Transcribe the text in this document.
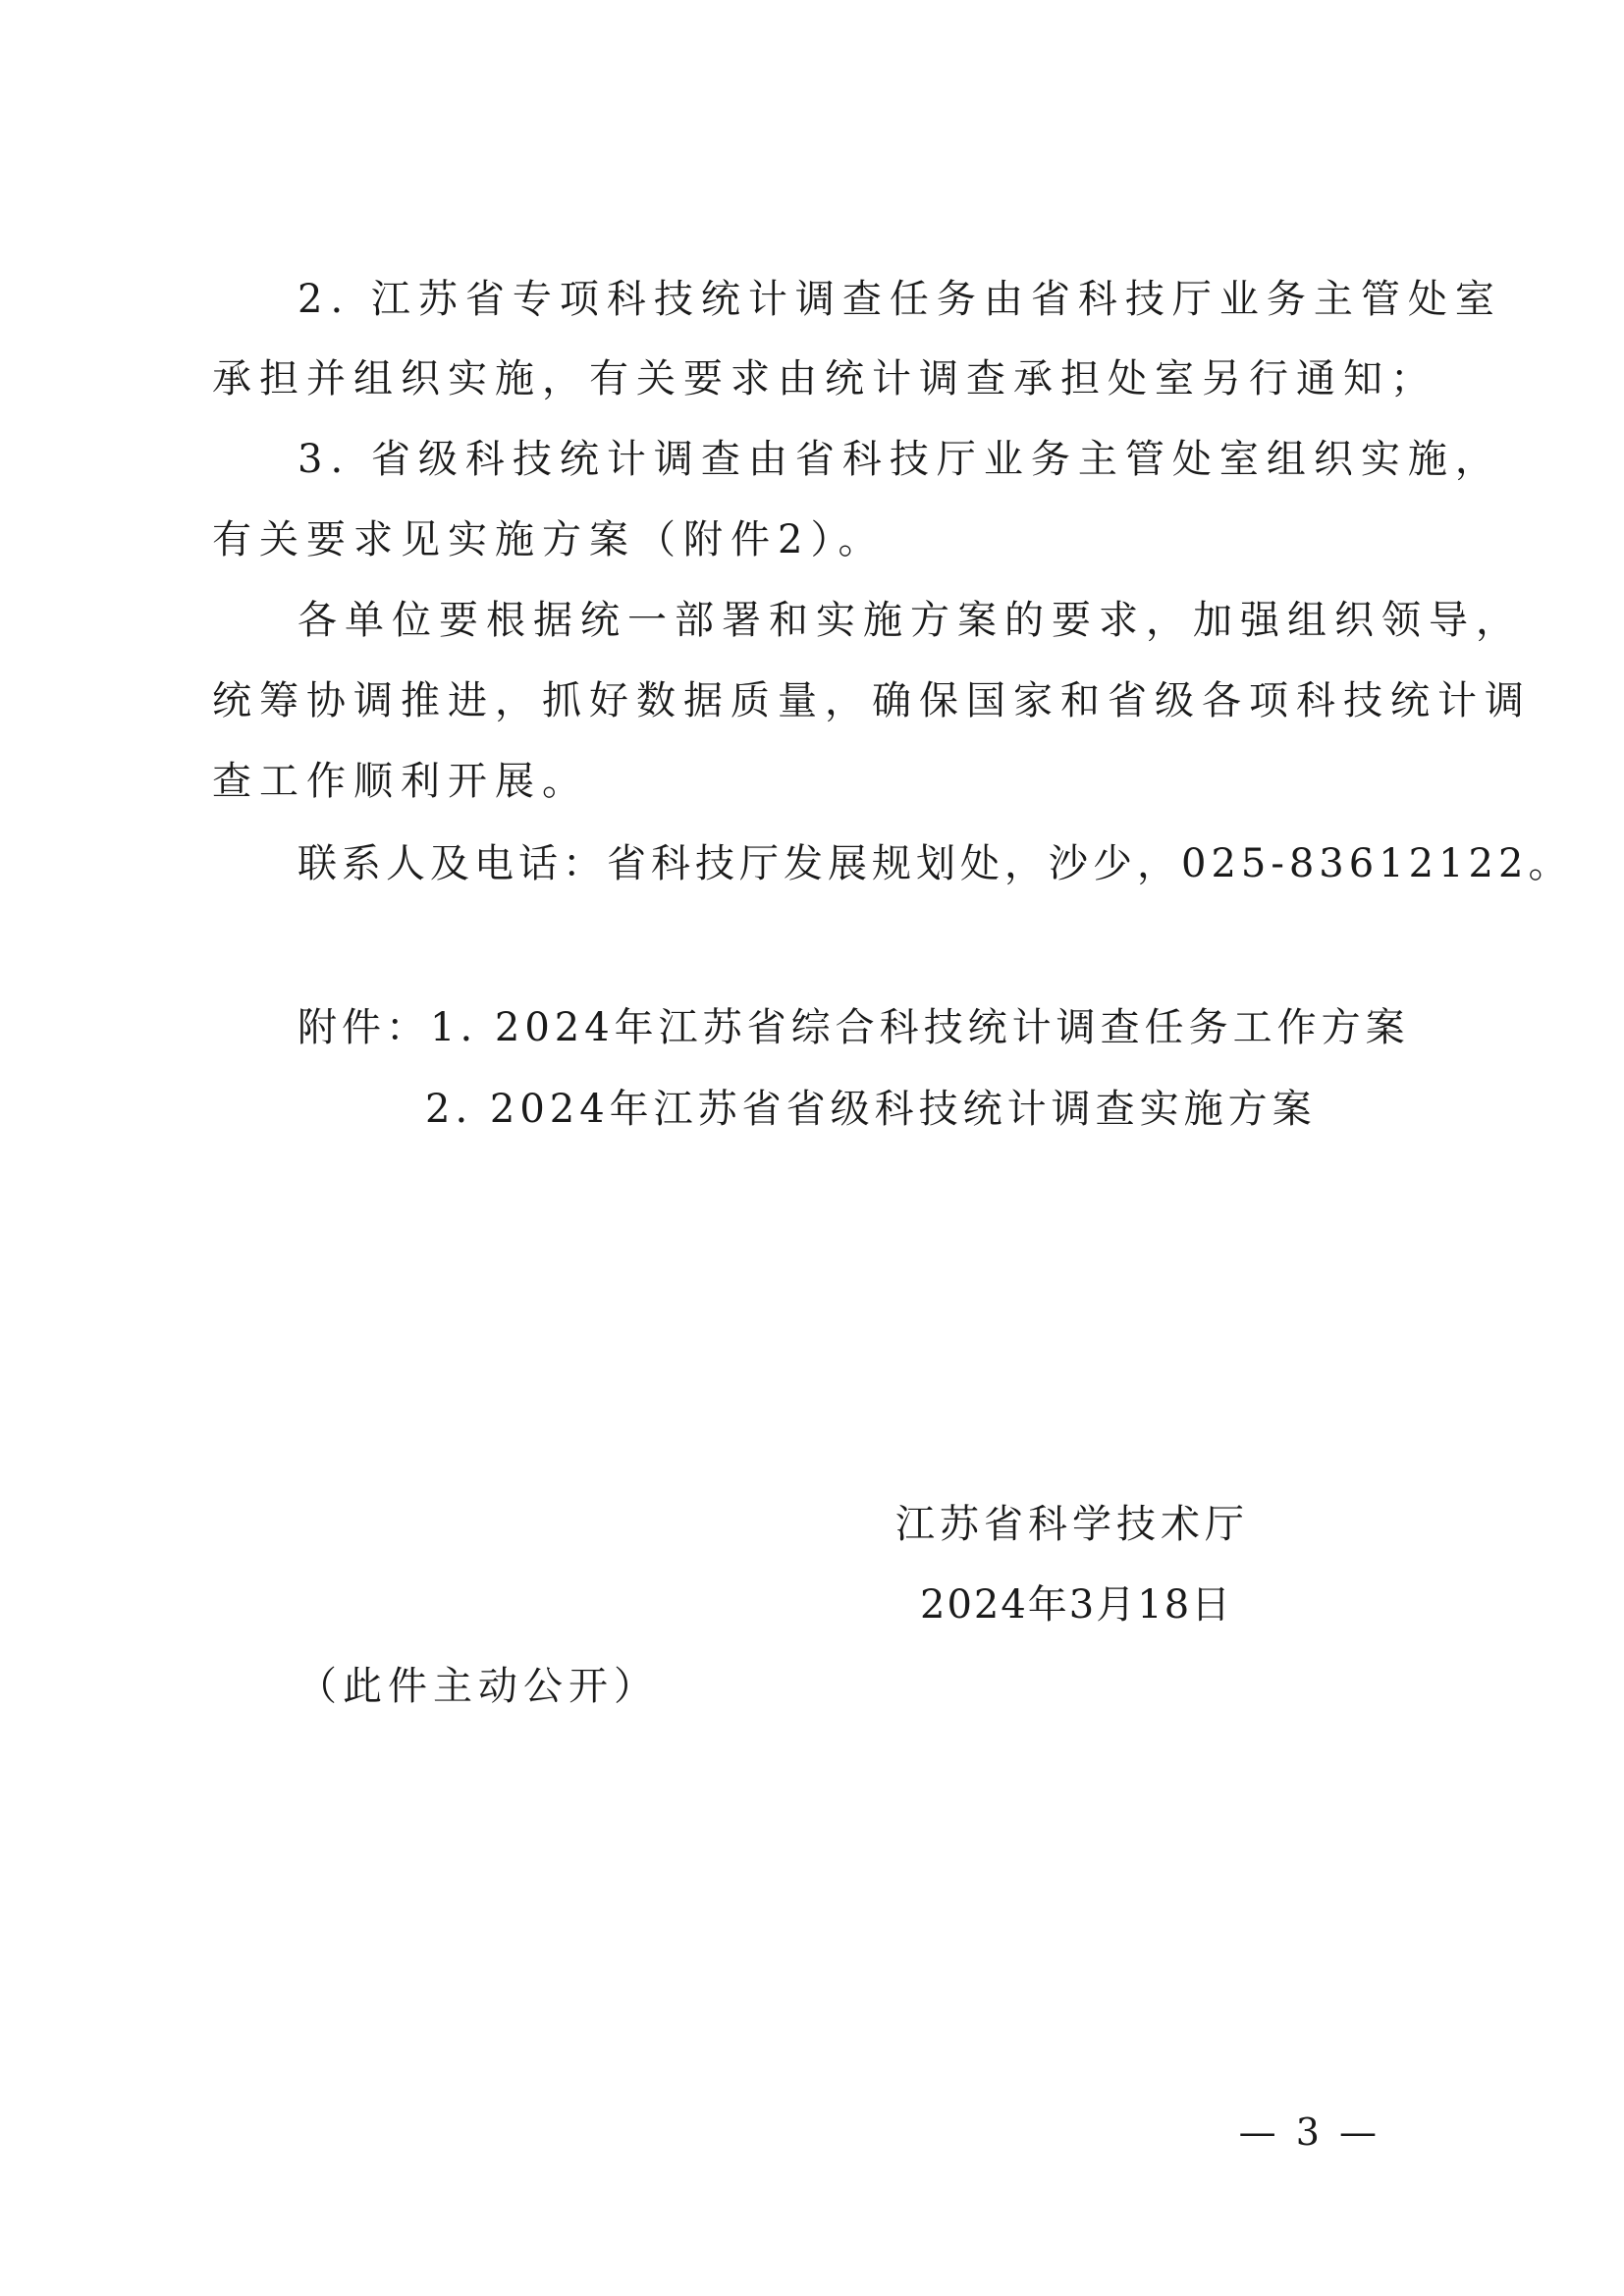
2. 江苏省专项科技统计调查任务由省科技厅业务主管处室
承担并组织实施，有关要求由统计调查承担处室另行通知；
3. 省级科技统计调查由省科技厅业务主管处室组织实施，
有关要求见实施方案（附件2）。
各单位要根据统一部署和实施方案的要求，加强组织领导，
统筹协调推进，抓好数据质量，确保国家和省级各项科技统计调
查工作顺利开展。
联系人及电话：省科技厅发展规划处，沙少，025-83612122。
附件：1. 2024年江苏省综合科技统计调查任务工作方案
2. 2024年江苏省省级科技统计调查实施方案
江苏省科学技术厅
2024年3月18日
（此件主动公开）
— 3 —
